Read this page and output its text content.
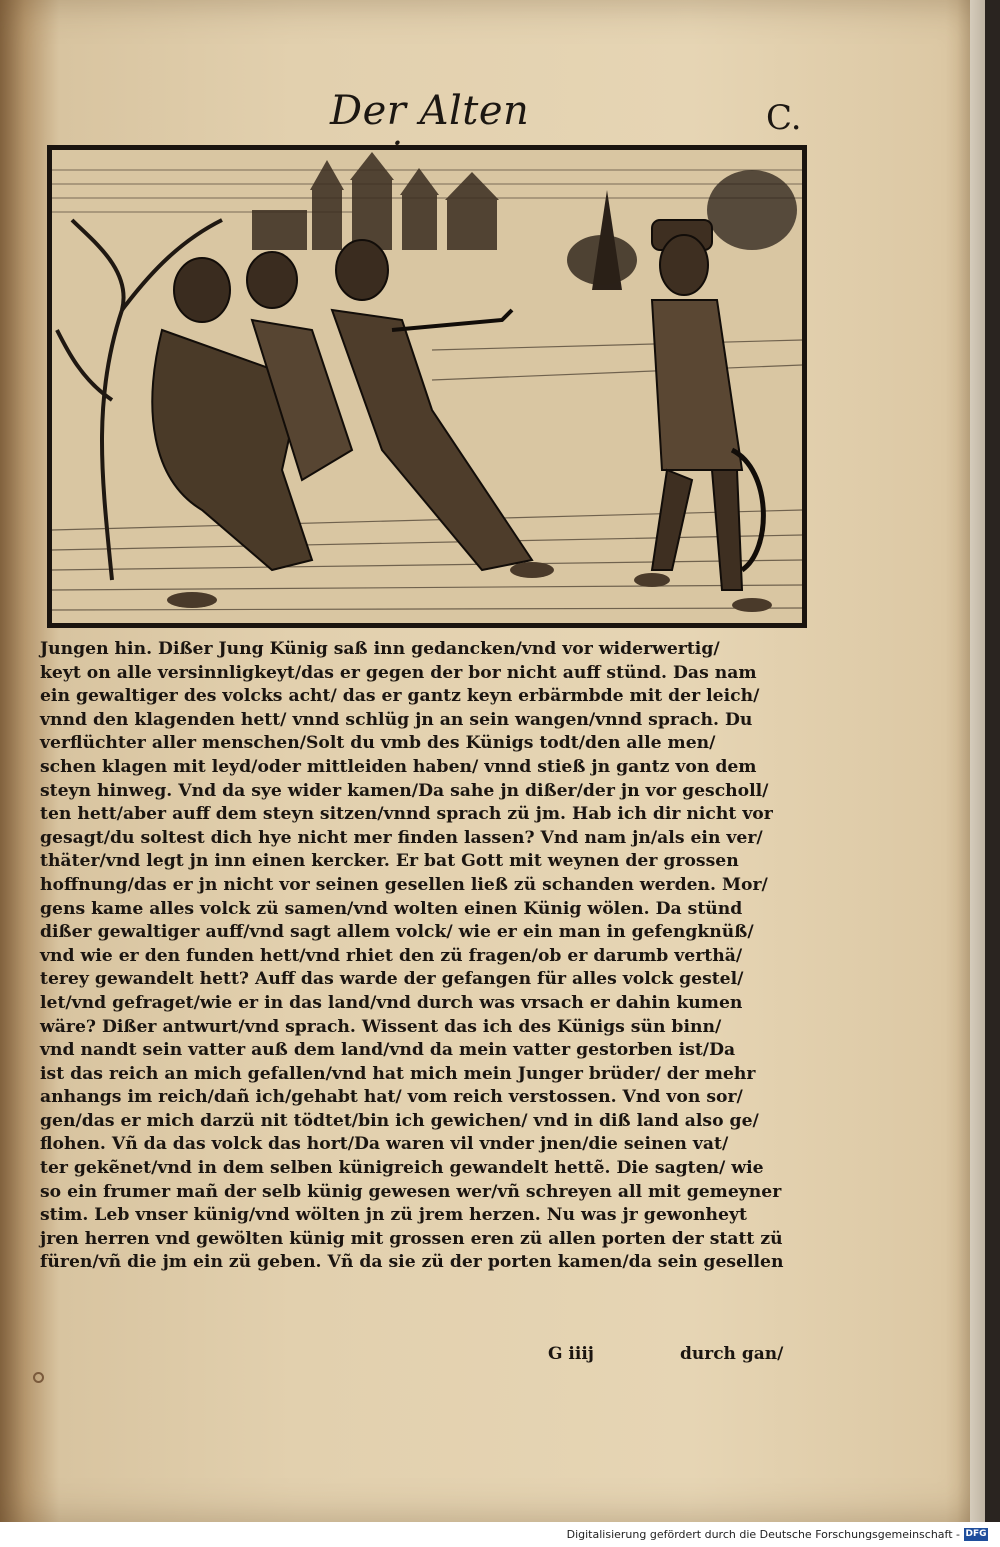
Der Alten	C.
Jungen hin. Dißer Jung Künig saß inn gedancken/vnd vor widerwertig/
keyt on alle versinnligkeyt/das er gegen der bor nicht auff stünd. Das nam
ein gewaltiger des volcks acht/ das er gantz keyn erbärmbde mit der leich/
vnnd den klagenden hett/ vnnd schlüg jn an sein wangen/vnnd sprach. Du
verflüchter aller menschen/Solt du vmb des Künigs todt/den alle men/
schen klagen mit leyd/oder mittleiden haben/ vnnd stieß jn gantz von dem
steyn hinweg. Vnd da sye wider kamen/Da sahe jn dißer/der jn vor gescholl/
ten hett/aber auff dem steyn sitzen/vnnd sprach zü jm. Hab ich dir nicht vor
gesagt/du soltest dich hye nicht mer finden lassen? Vnd nam jn/als ein ver/
thäter/vnd legt jn inn einen kercker. Er bat Gott mit weynen der grossen
hoffnung/das er jn nicht vor seinen gesellen ließ zü schanden werden. Mor/
gens kame alles volck zü samen/vnd wolten einen Künig wölen. Da stünd
dißer gewaltiger auff/vnd sagt allem volck/ wie er ein man in gefengknüß/
vnd wie er den funden hett/vnd rhiet den zü fragen/ob er darumb verthä/
terey gewandelt hett? Auff das warde der gefangen für alles volck gestel/
let/vnd gefraget/wie er in das land/vnd durch was vrsach er dahin kumen
wäre? Dißer antwurt/vnd sprach. Wissent das ich des Künigs sün binn/
vnd nandt sein vatter auß dem land/vnd da mein vatter gestorben ist/Da
ist das reich an mich gefallen/vnd hat mich mein Junger brüder/ der mehr
anhangs im reich/dañ ich/gehabt hat/ vom reich verstossen. Vnd von sor/
gen/das er mich darzü nit tödtet/bin ich gewichen/ vnd in diß land also ge/
flohen. Vñ da das volck das hort/Da waren vil vnder jnen/die seinen vat/
ter gekẽnet/vnd in dem selben künigreich gewandelt hettẽ. Die sagten/ wie
so ein frumer mañ der selb künig gewesen wer/vñ schreyen all mit gemeyner
stim. Leb vnser künig/vnd wölten jn zü jrem herzen. Nu was jr gewonheyt
jren herren vnd gewölten künig mit grossen eren zü allen porten der statt zü
füren/vñ die jm ein zü geben. Vñ da sie zü der porten kamen/da sein gesellen
G iiij	durch gan/
Digitalisierung gefördert durch die Deutsche Forschungsgemeinschaft - DFG
